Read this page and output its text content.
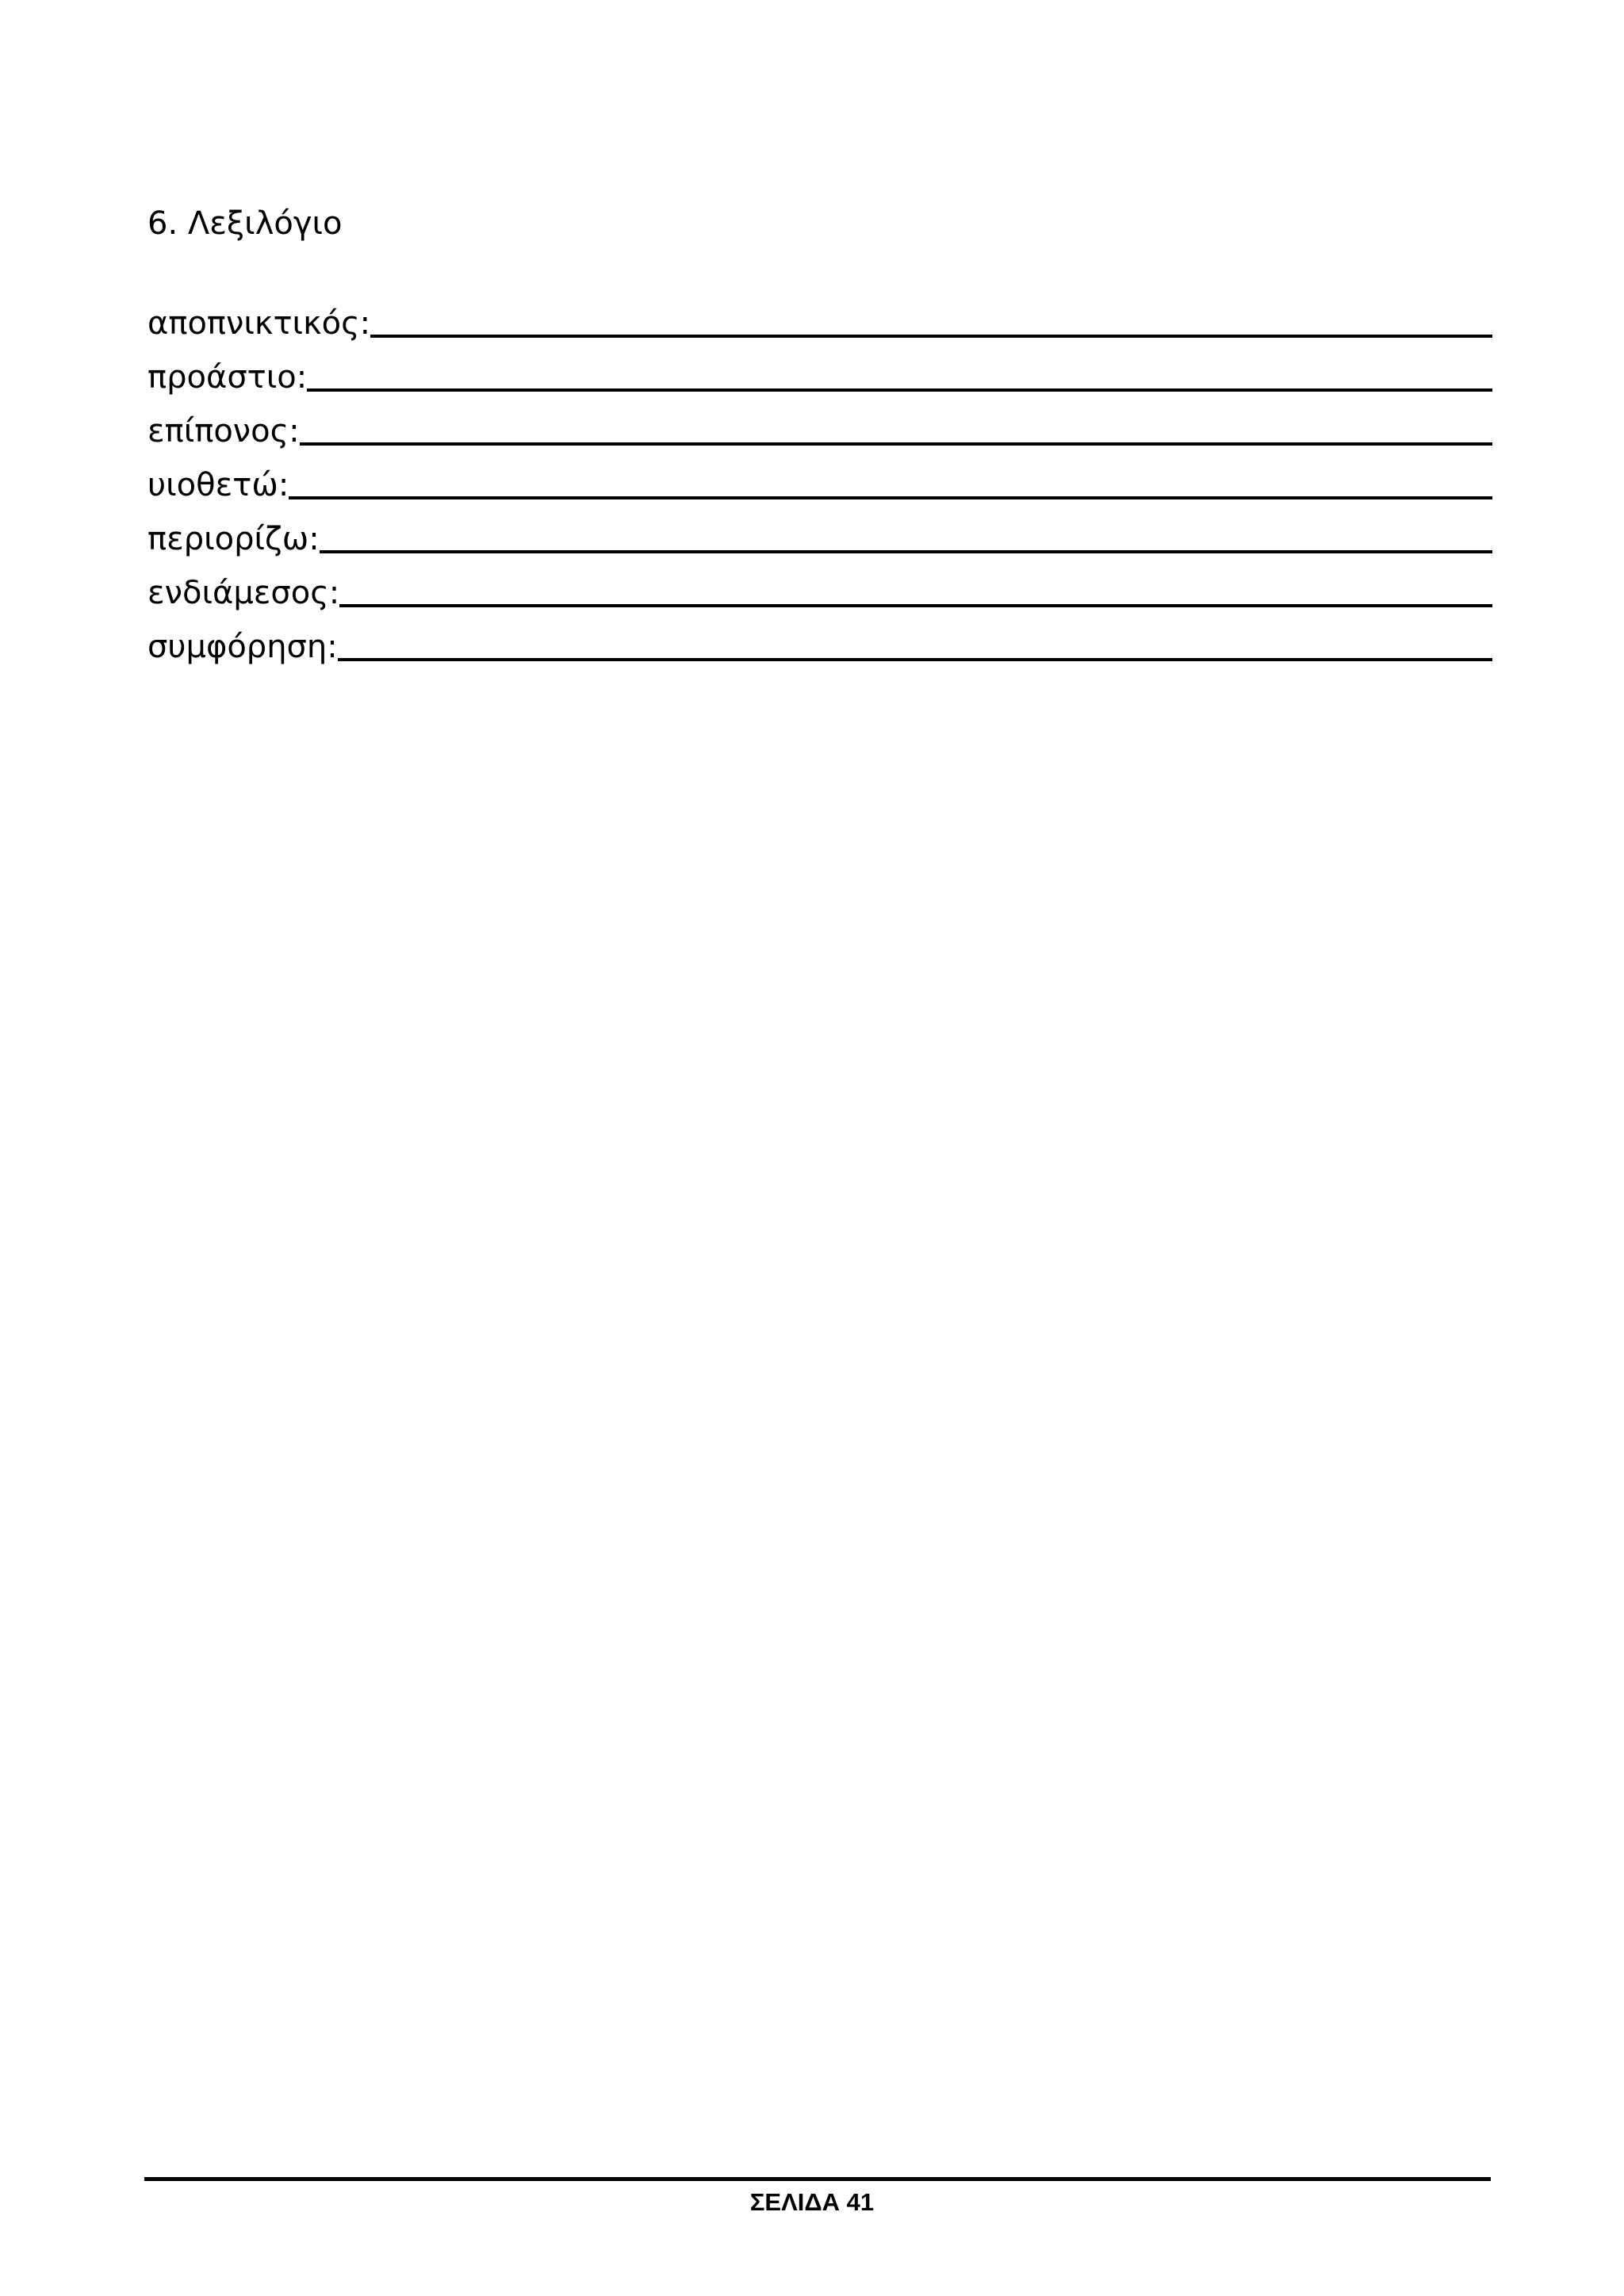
6. Λεξιλόγιο
αποπνικτικός:
προάστιο:
επίπονος:
υιοθετώ:
περιορίζω:
ενδιάμεσος:
συμφόρηση:
ΣΕΛΙΔΑ 41
